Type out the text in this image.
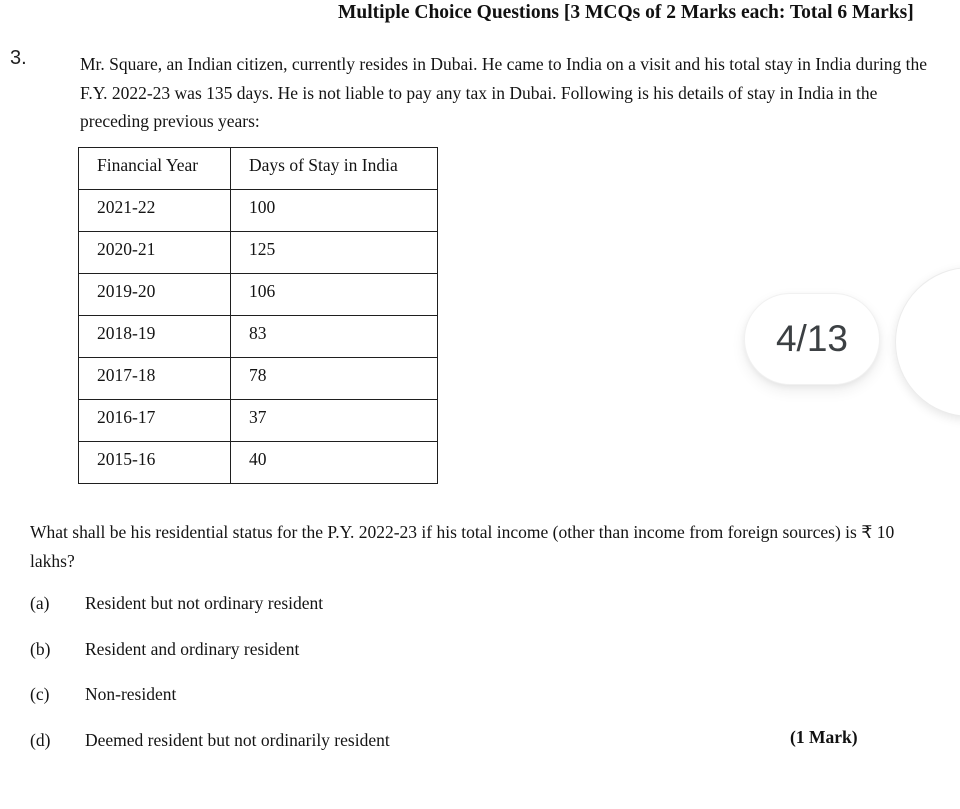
Multiple Choice Questions [3 MCQs of 2 Marks each: Total 6 Marks]
3.	Mr. Square, an Indian citizen, currently resides in Dubai. He came to India on a visit and his total stay in India during the F.Y. 2022-23 was 135 days. He is not liable to pay any tax in Dubai. Following is his details of stay in India in the preceding previous years:
Financial Year	Days of Stay in India
2021-22	100
2020-21	125
2019-20	106
2018-19	83
2017-18	78
2016-17	37
2015-16	40
What shall be his residential status for the P.Y. 2022-23 if his total income (other than income from foreign sources) is ₹ 10 lakhs?
(a)	Resident but not ordinary resident
(b)	Resident and ordinary resident
(c)	Non-resident
(d)	Deemed resident but not ordinarily resident	(1 Mark)
4/13
